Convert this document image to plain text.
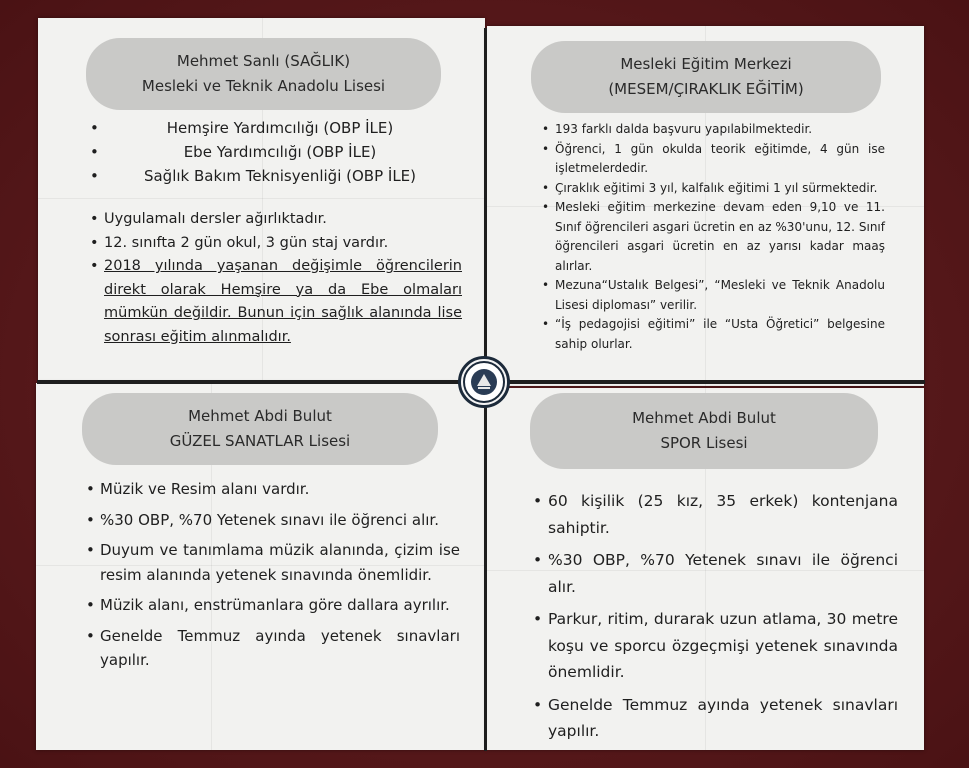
Mehmet Sanlı (SAĞLIK)
Mesleki ve Teknik Anadolu Lisesi
• Hemşire Yardımcılığı (OBP İLE)
• Ebe Yardımcılığı (OBP İLE)
• Sağlık Bakım Teknisyenliği (OBP İLE)
• Uygulamalı dersler ağırlıktadır.
• 12. sınıfta 2 gün okul, 3 gün staj vardır.
• 2018 yılında yaşanan değişimle öğrencilerin direkt olarak Hemşire ya da Ebe olmaları mümkün değildir. Bunun için sağlık alanında lise sonrası eğitim alınmalıdır.
Mesleki Eğitim Merkezi
(MESEM/ÇIRAKLIK EĞİTİM)
• 193 farklı dalda başvuru yapılabilmektedir.
• Öğrenci, 1 gün okulda teorik eğitimde, 4 gün ise işletmelerdedir.
• Çıraklık eğitimi 3 yıl, kalfalık eğitimi 1 yıl sürmektedir.
• Mesleki eğitim merkezine devam eden 9,10 ve 11. Sınıf öğrencileri asgari ücretin en az %30'unu, 12. Sınıf öğrencileri asgari ücretin en az yarısı kadar maaş alırlar.
• Mezuna“Ustalık Belgesi”, “Mesleki ve Teknik Anadolu Lisesi diploması” verilir.
• “İş pedagojisi eğitimi” ile “Usta Öğretici” belgesine sahip olurlar.
Mehmet Abdi Bulut
GÜZEL SANATLAR Lisesi
• Müzik ve Resim alanı vardır.
• %30 OBP, %70 Yetenek sınavı ile öğrenci alır.
• Duyum ve tanımlama müzik alanında, çizim ise resim alanında yetenek sınavında önemlidir.
• Müzik alanı, enstrümanlara göre dallara ayrılır.
• Genelde Temmuz ayında yetenek sınavları yapılır.
Mehmet Abdi Bulut
SPOR Lisesi
• 60 kişilik (25 kız, 35 erkek) kontenjana sahiptir.
• %30 OBP, %70 Yetenek sınavı ile öğrenci alır.
• Parkur, ritim, durarak uzun atlama, 30 metre koşu ve sporcu özgeçmişi yetenek sınavında önemlidir.
• Genelde Temmuz ayında yetenek sınavları yapılır.
